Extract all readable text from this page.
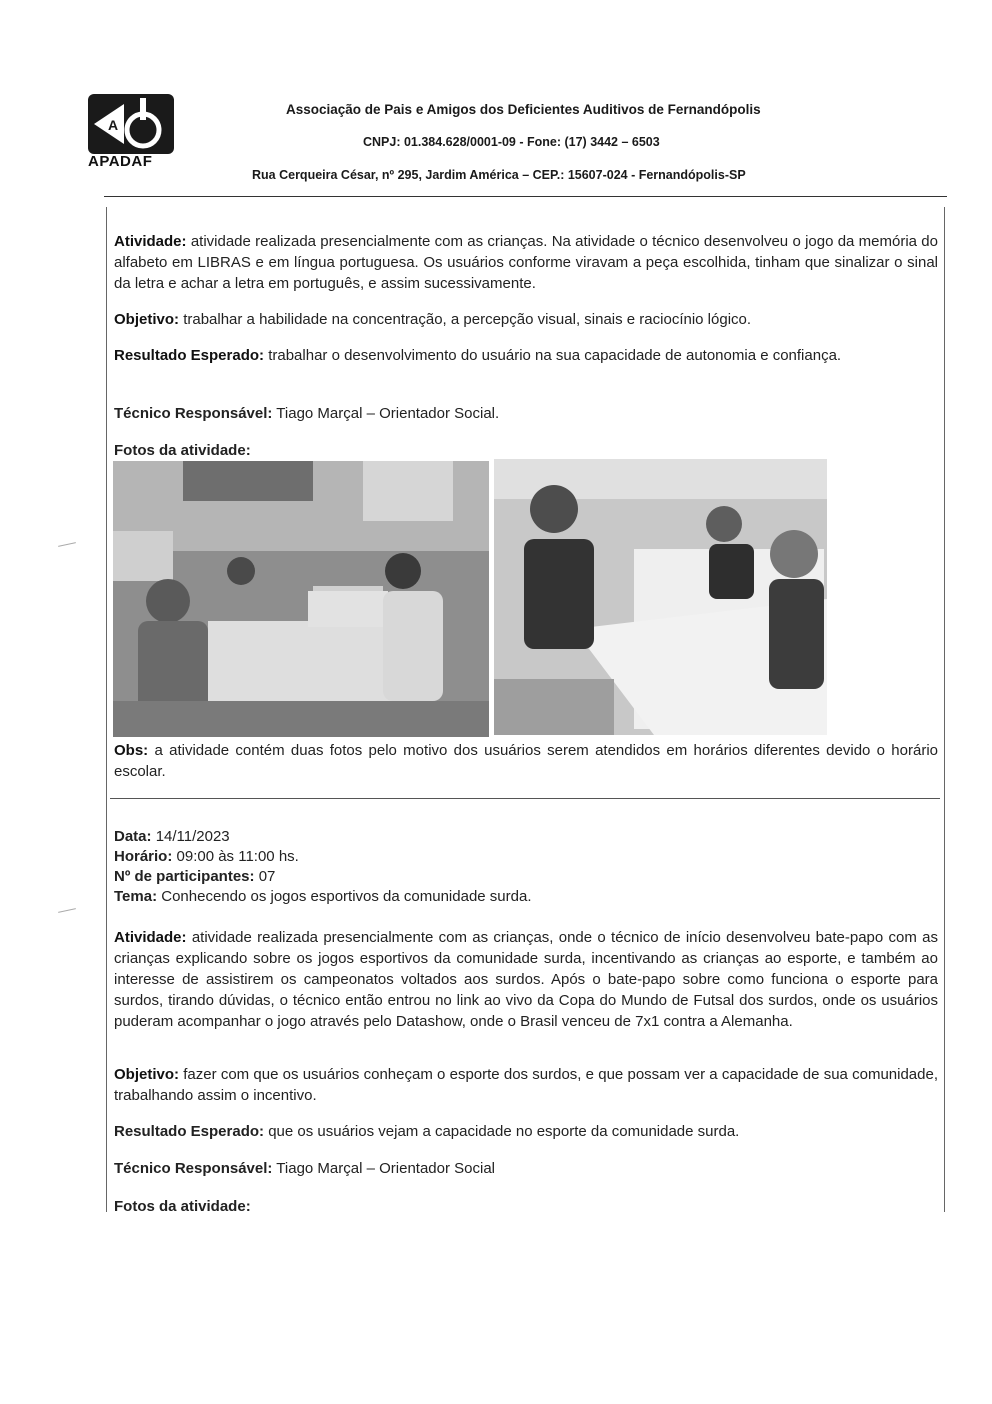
A
APADAF
Associação de Pais e Amigos dos Deficientes Auditivos de Fernandópolis
CNPJ: 01.384.628/0001-09 - Fone: (17) 3442 – 6503
Rua Cerqueira César, nº 295, Jardim América – CEP.: 15607-024 - Fernandópolis-SP
Atividade: atividade realizada presencialmente com as crianças. Na atividade o técnico desenvolveu o jogo da memória do alfabeto em LIBRAS e em língua portuguesa. Os usuários conforme viravam a peça escolhida, tinham que sinalizar o sinal da letra e achar a letra em português, e assim sucessivamente.
Objetivo: trabalhar a habilidade na concentração, a percepção visual, sinais e raciocínio lógico.
Resultado Esperado: trabalhar o desenvolvimento do usuário na sua capacidade de autonomia e confiança.
Técnico Responsável: Tiago Marçal – Orientador Social.
Fotos da atividade:
Obs: a atividade contém duas fotos pelo motivo dos usuários serem atendidos em horários diferentes devido o horário escolar.
Data: 14/11/2023
Horário: 09:00 às 11:00 hs.
Nº de participantes: 07
Tema: Conhecendo os jogos esportivos da comunidade surda.
Atividade: atividade realizada presencialmente com as crianças, onde o técnico de início desenvolveu bate-papo com as crianças explicando sobre os jogos esportivos da comunidade surda, incentivando as crianças ao esporte, e também ao interesse de assistirem os campeonatos voltados aos surdos. Após o bate-papo sobre como funciona o esporte para surdos, tirando dúvidas, o técnico então entrou no link ao vivo da Copa do Mundo de Futsal dos surdos, onde os usuários puderam acompanhar o jogo através pelo Datashow, onde o Brasil venceu de 7x1 contra a Alemanha.
Objetivo: fazer com que os usuários conheçam o esporte dos surdos, e que possam ver a capacidade de sua comunidade, trabalhando assim o incentivo.
Resultado Esperado: que os usuários vejam a capacidade no esporte da comunidade surda.
Técnico Responsável: Tiago Marçal – Orientador Social
Fotos da atividade:
